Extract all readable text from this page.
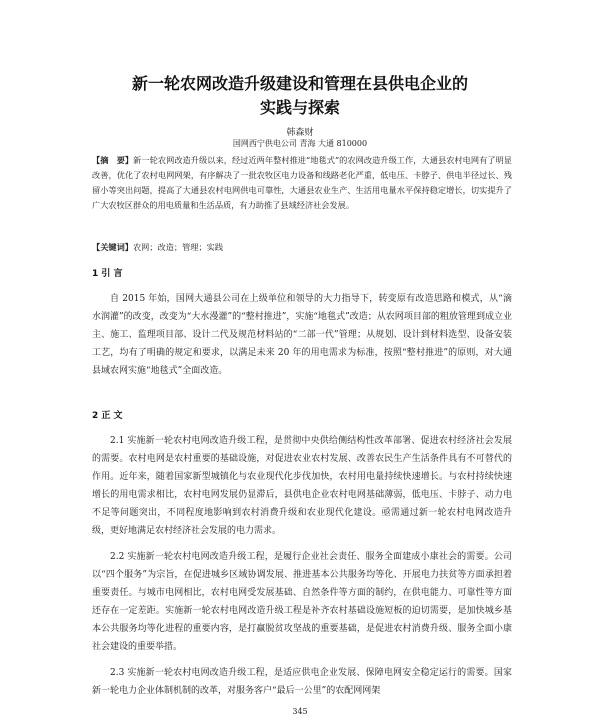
新一轮农网改造升级建设和管理在县供电企业的
实践与探索
韩森财
国网西宁供电公司 青海 大通 810000
【摘　要】新一轮农网改造升级以来，经过近两年整村推进“地毯式”的农网改造升级工作，大通县农村电网有了明显改善，优化了农村电网网架，有序解决了一批农牧区电力设备和线路老化严重，低电压、卡脖子、供电半径过长、残留小等突出问题，提高了大通县农村电网供电可靠性，大通县农业生产、生活用电量水平保持稳定增长，切实提升了广大农牧区群众的用电质量和生活品质，有力助推了县域经济社会发展。
【关键词】农网；改造；管理；实践
1 引 言

自 2015 年始，国网大通县公司在上级单位和领导的大力指导下，转变原有改造思路和模式，从“滴水润灌”的改变，改变为“大水漫灌”的“整村推进”，实施“地毯式”改造；从农网项目部的粗放管理到成立业主、施工、监理项目部、设计二代及规范材料站的“二部一代”管理；从规划、设计到材料选型、设备安装工艺，均有了明确的规定和要求，以满足未来 20 年的用电需求为标准，按照“整村推进”的原则，对大通县域农网实施“地毯式”全面改造。

2 正 文

2.1 实施新一轮农村电网改造升级工程，是贯彻中央供给侧结构性改革部署、促进农村经济社会发展的需要。农村电网是农村重要的基础设施，对促进农业农村发展、改善农民生产生活条件具有不可替代的作用。近年来，随着国家新型城镇化与农业现代化步伐加快，农村用电量持续快速增长。与农村持续快速增长的用电需求相比，农村电网发展仍显滞后，县供电企业农村电网基础薄弱，低电压、卡脖子、动力电不足等问题突出，不同程度地影响到农村消费升级和农业现代化建设。亟需通过新一轮农村电网改造升级，更好地满足农村经济社会发展的电力需求。

2.2 实施新一轮农村电网改造升级工程，是履行企业社会责任、服务全面建成小康社会的需要。公司以“四个服务”为宗旨，在促进城乡区域协调发展、推进基本公共服务均等化、开展电力扶贫等方面承担着重要责任。与城市电网相比，农村电网受发展基础、自然条件等方面的制约，在供电能力、可靠性等方面还存在一定差距。实施新一轮农村电网改造升级工程是补齐农村基础设施短板的迫切需要，是加快城乡基本公共服务均等化进程的重要内容，是打赢脱贫攻坚战的重要基础，是促进农村消费升级、服务全面小康社会建设的重要举措。

2.3 实施新一轮农村电网改造升级工程，是适应供电企业发展、保障电网安全稳定运行的需要。国家新一轮电力企业体制机制的改革，对服务客户“最后一公里”的农配网网架

345
